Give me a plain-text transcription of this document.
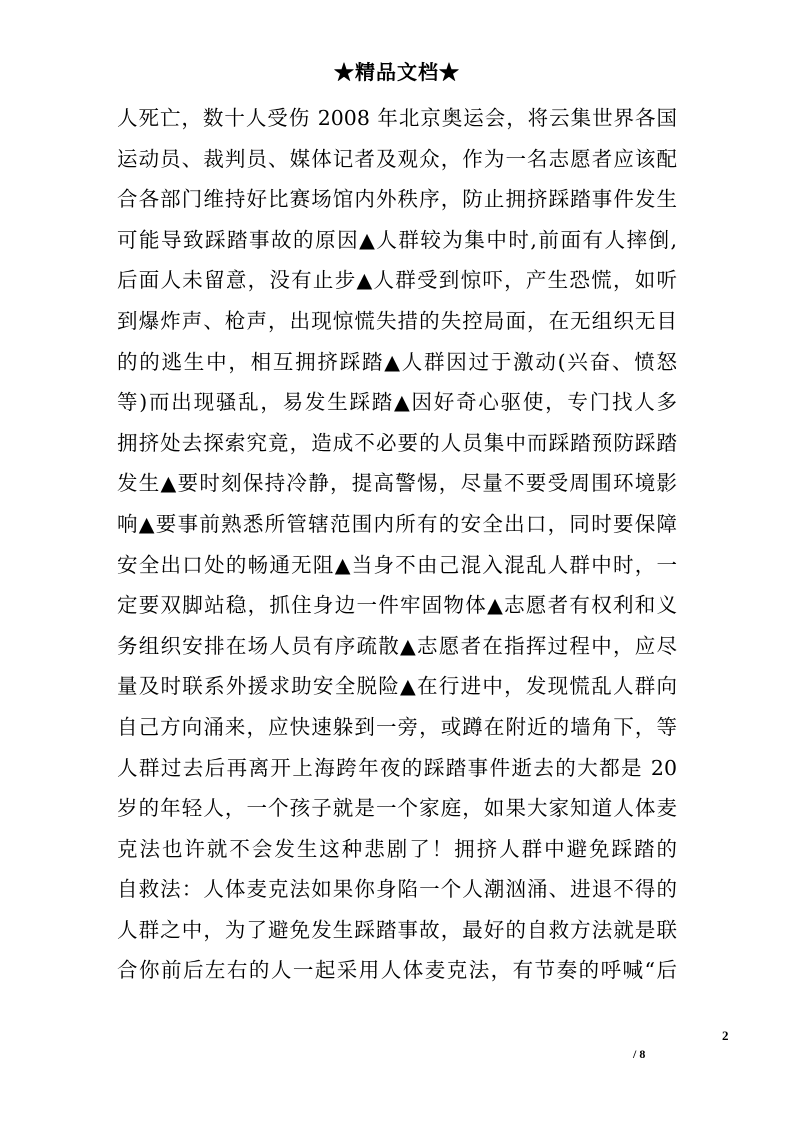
★精品文档★
人死亡，数十人受伤 2008 年北京奥运会，将云集世界各国
运动员、裁判员、媒体记者及观众，作为一名志愿者应该配
合各部门维持好比赛场馆内外秩序，防止拥挤踩踏事件发生
可能导致踩踏事故的原因▲人群较为集中时,前面有人摔倒,
后面人未留意，没有止步▲人群受到惊吓，产生恐慌，如听
到爆炸声、枪声，出现惊慌失措的失控局面，在无组织无目
的的逃生中，相互拥挤踩踏▲人群因过于激动(兴奋、愤怒
等)而出现骚乱，易发生踩踏▲因好奇心驱使，专门找人多
拥挤处去探索究竟，造成不必要的人员集中而踩踏预防踩踏
发生▲要时刻保持冷静，提高警惕，尽量不要受周围环境影
响▲要事前熟悉所管辖范围内所有的安全出口，同时要保障
安全出口处的畅通无阻▲当身不由己混入混乱人群中时，一
定要双脚站稳，抓住身边一件牢固物体▲志愿者有权利和义
务组织安排在场人员有序疏散▲志愿者在指挥过程中，应尽
量及时联系外援求助安全脱险▲在行进中，发现慌乱人群向
自己方向涌来，应快速躲到一旁，或蹲在附近的墙角下，等
人群过去后再离开上海跨年夜的踩踏事件逝去的大都是 20
岁的年轻人，一个孩子就是一个家庭，如果大家知道人体麦
克法也许就不会发生这种悲剧了！拥挤人群中避免踩踏的
自救法：人体麦克法如果你身陷一个人潮汹涌、进退不得的
人群之中，为了避免发生踩踏事故，最好的自救方法就是联
合你前后左右的人一起采用人体麦克法，有节奏的呼喊“后
2
/ 8
